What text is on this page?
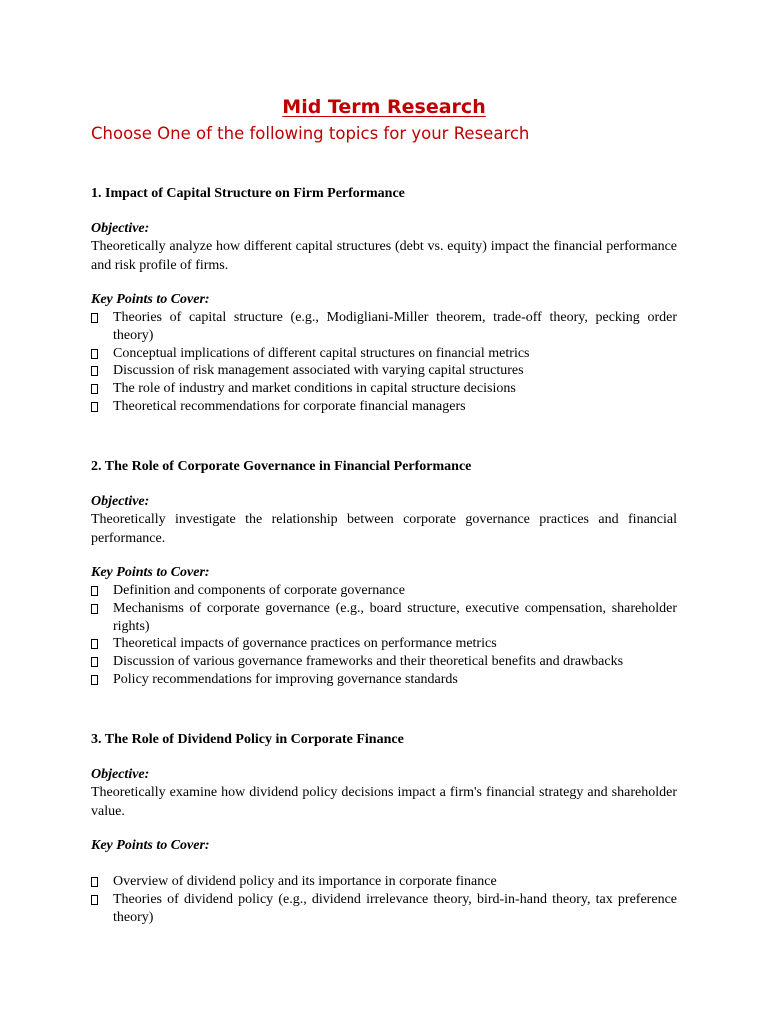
Mid Term Research
Choose One of the following topics for your Research
1. Impact of Capital Structure on Firm Performance
Objective:
Theoretically analyze how different capital structures (debt vs. equity) impact the financial performance and risk profile of firms.
Key Points to Cover:
Theories of capital structure (e.g., Modigliani-Miller theorem, trade-off theory, pecking order theory)
Conceptual implications of different capital structures on financial metrics
Discussion of risk management associated with varying capital structures
The role of industry and market conditions in capital structure decisions
Theoretical recommendations for corporate financial managers
2. The Role of Corporate Governance in Financial Performance
Objective:
Theoretically investigate the relationship between corporate governance practices and financial performance.
Key Points to Cover:
Definition and components of corporate governance
Mechanisms of corporate governance (e.g., board structure, executive compensation, shareholder rights)
Theoretical impacts of governance practices on performance metrics
Discussion of various governance frameworks and their theoretical benefits and drawbacks
Policy recommendations for improving governance standards
3. The Role of Dividend Policy in Corporate Finance
Objective:
Theoretically examine how dividend policy decisions impact a firm's financial strategy and shareholder value.
Key Points to Cover:
Overview of dividend policy and its importance in corporate finance
Theories of dividend policy (e.g., dividend irrelevance theory, bird-in-hand theory, tax preference theory)
